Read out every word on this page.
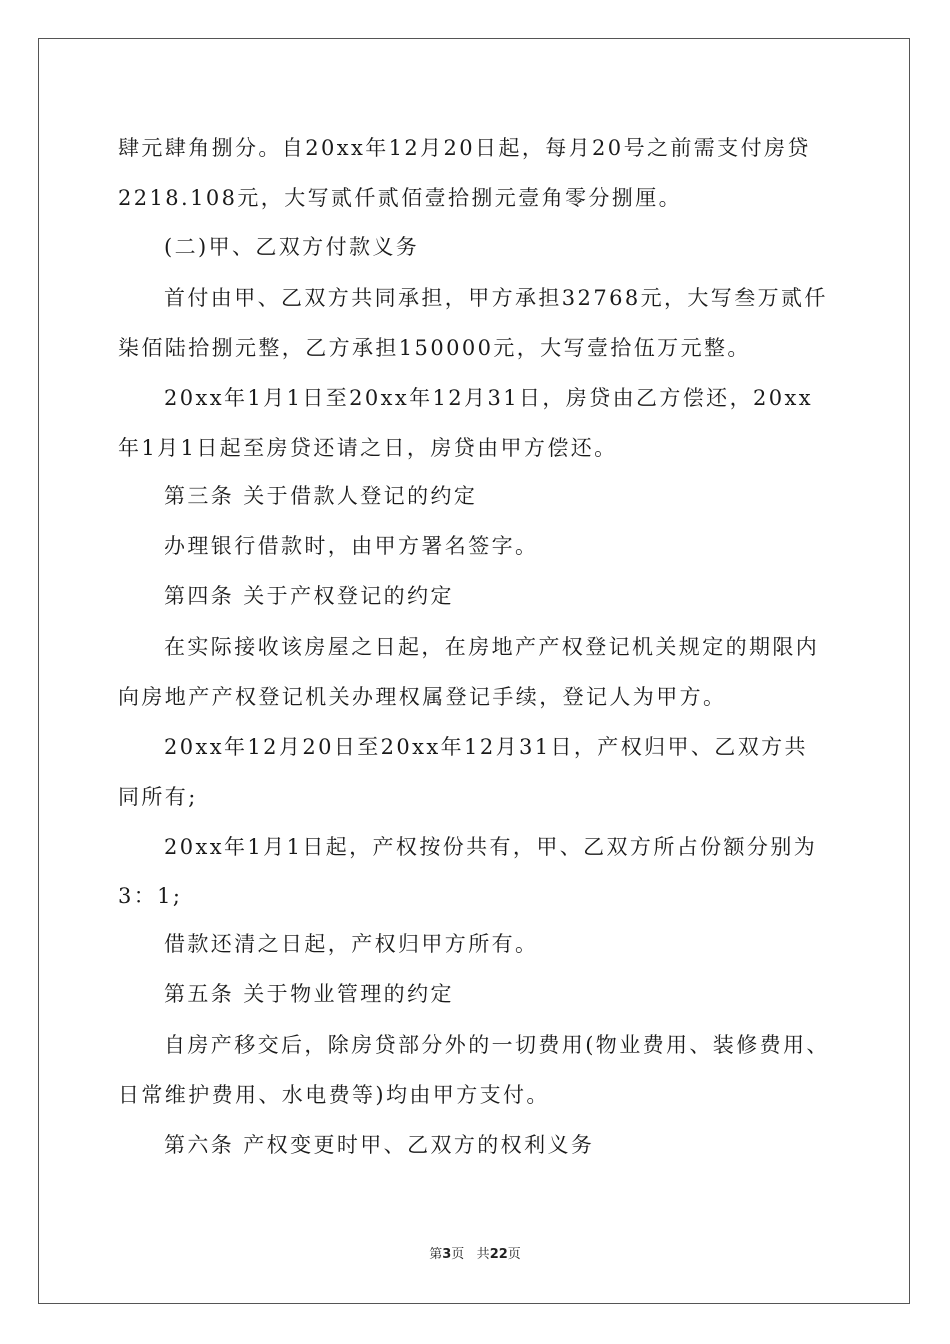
肆元肆角捌分。自20xx年12月20日起，每月20号之前需支付房贷
2218.108元，大写贰仟贰佰壹拾捌元壹角零分捌厘。
(二)甲、乙双方付款义务
首付由甲、乙双方共同承担，甲方承担32768元，大写叁万贰仟
柒佰陆拾捌元整，乙方承担150000元，大写壹拾伍万元整。
20xx年1月1日至20xx年12月31日，房贷由乙方偿还，20xx
年1月1日起至房贷还请之日，房贷由甲方偿还。
第三条 关于借款人登记的约定
办理银行借款时，由甲方署名签字。
第四条 关于产权登记的约定
在实际接收该房屋之日起，在房地产产权登记机关规定的期限内
向房地产产权登记机关办理权属登记手续，登记人为甲方。
20xx年12月20日至20xx年12月31日，产权归甲、乙双方共
同所有;
20xx年1月1日起，产权按份共有，甲、乙双方所占份额分别为
3：1;
借款还清之日起，产权归甲方所有。
第五条 关于物业管理的约定
自房产移交后，除房贷部分外的一切费用(物业费用、装修费用、
日常维护费用、水电费等)均由甲方支付。
第六条 产权变更时甲、乙双方的权利义务
第3页 共22页
